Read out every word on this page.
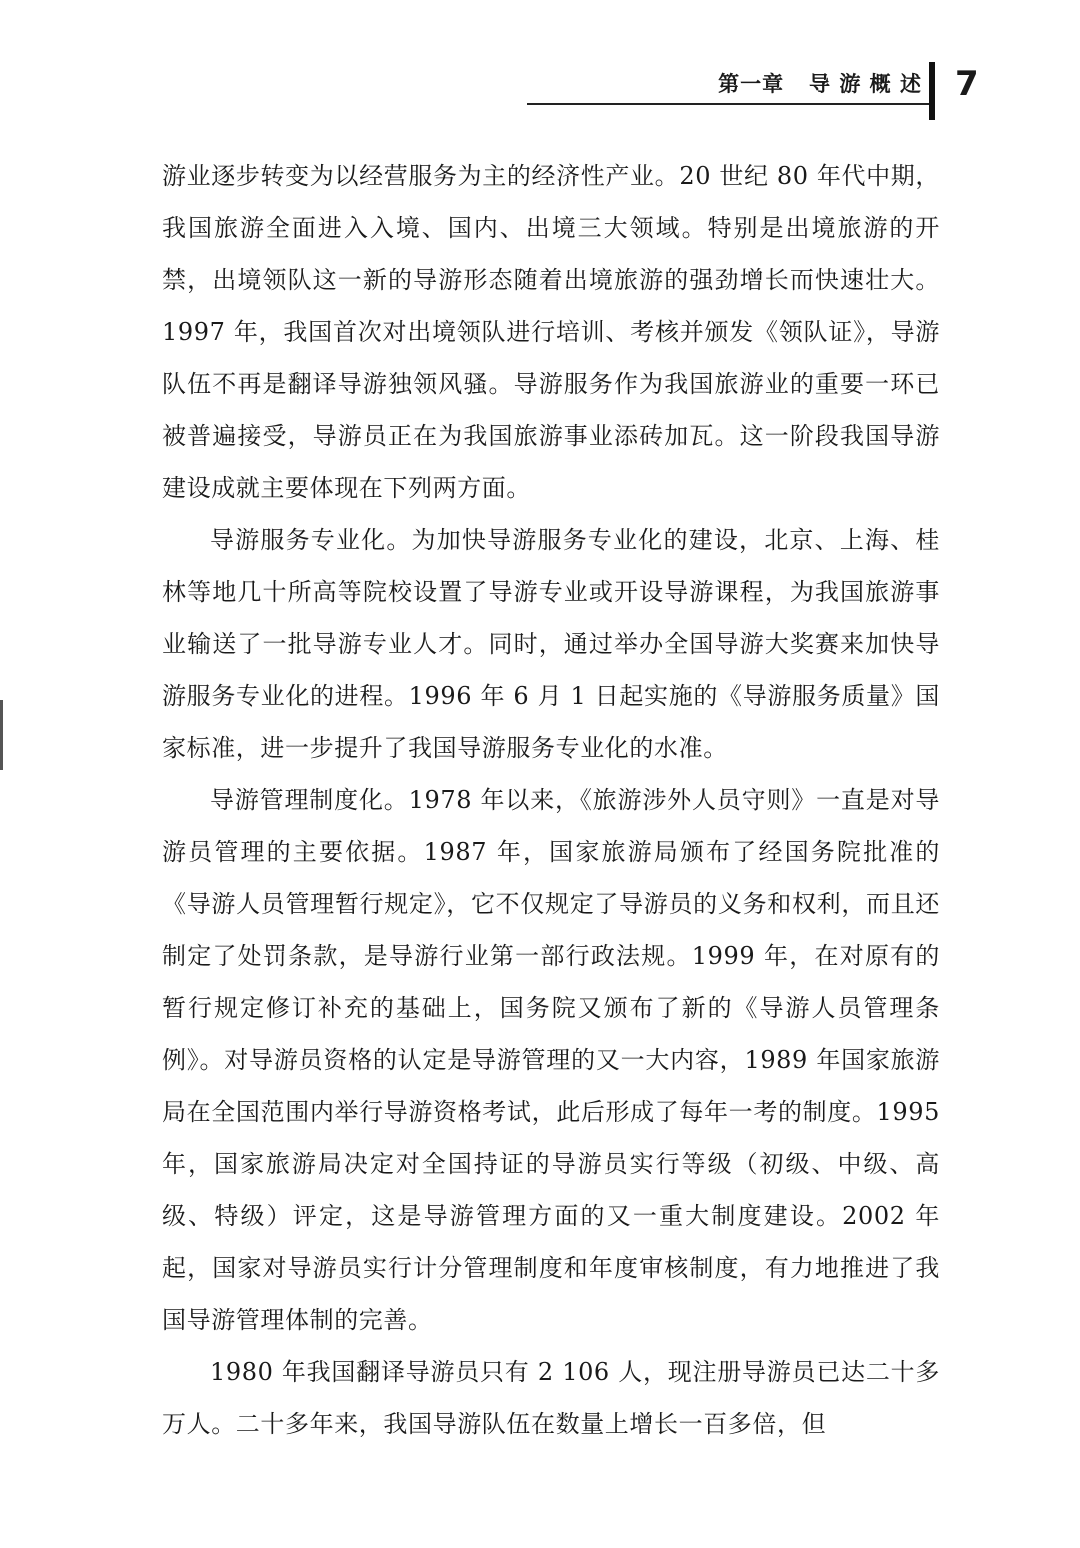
第一章   导 游 概 述 7

游业逐步转变为以经营服务为主的经济性产业。20 世纪 80 年代中期，我国旅游全面进入入境、国内、出境三大领域。特别是出境旅游的开禁，出境领队这一新的导游形态随着出境旅游的强劲增长而快速壮大。1997 年，我国首次对出境领队进行培训、考核并颁发《领队证》，导游队伍不再是翻译导游独领风骚。导游服务作为我国旅游业的重要一环已被普遍接受，导游员正在为我国旅游事业添砖加瓦。这一阶段我国导游建设成就主要体现在下列两方面。

导游服务专业化。为加快导游服务专业化的建设，北京、上海、桂林等地几十所高等院校设置了导游专业或开设导游课程，为我国旅游事业输送了一批导游专业人才。同时，通过举办全国导游大奖赛来加快导游服务专业化的进程。1996 年 6 月 1 日起实施的《导游服务质量》国家标准，进一步提升了我国导游服务专业化的水准。

导游管理制度化。1978 年以来，《旅游涉外人员守则》一直是对导游员管理的主要依据。1987 年，国家旅游局颁布了经国务院批准的《导游人员管理暂行规定》，它不仅规定了导游员的义务和权利，而且还制定了处罚条款，是导游行业第一部行政法规。1999 年，在对原有的暂行规定修订补充的基础上，国务院又颁布了新的《导游人员管理条例》。对导游员资格的认定是导游管理的又一大内容，1989 年国家旅游局在全国范围内举行导游资格考试，此后形成了每年一考的制度。1995 年，国家旅游局决定对全国持证的导游员实行等级（初级、中级、高级、特级）评定，这是导游管理方面的又一重大制度建设。2002 年起，国家对导游员实行计分管理制度和年度审核制度，有力地推进了我国导游管理体制的完善。

1980 年我国翻译导游员只有 2 106 人，现注册导游员已达二十多万人。二十多年来，我国导游队伍在数量上增长一百多倍，但
